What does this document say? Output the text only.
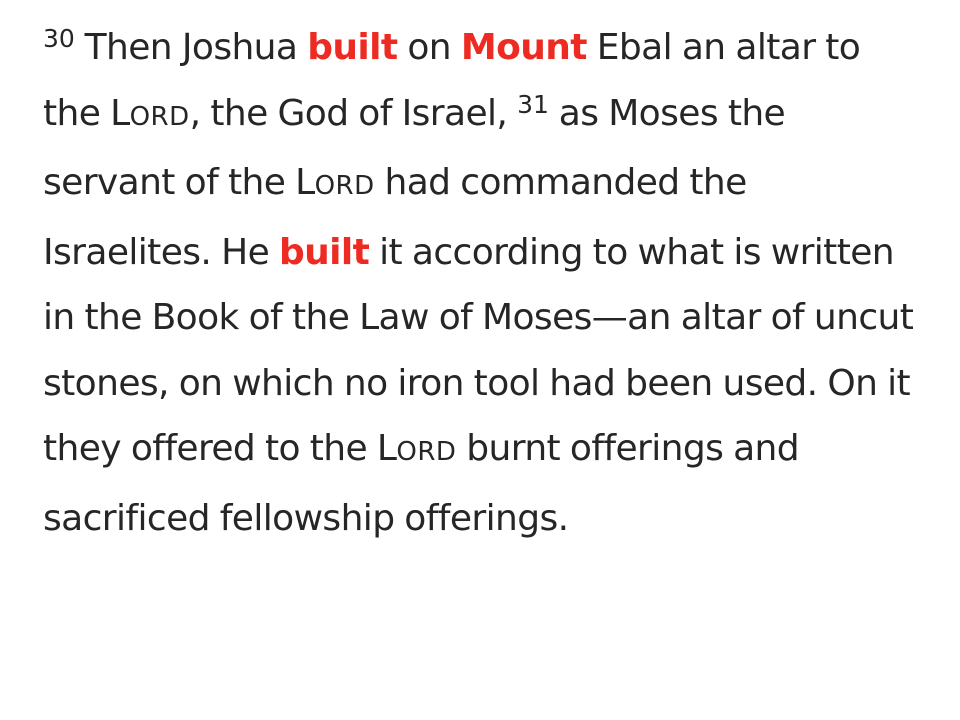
$^{30}$ Then Joshua built on Mount Ebal an altar to the LORD, the God of Israel, $^{31}$ as Moses the servant of the LORD had commanded the Israelites. He built it according to what is written in the Book of the Law of Moses—an altar of uncut stones, on which no iron tool had been used. On it they offered to the LORD burnt offerings and sacrificed fellowship offerings.
